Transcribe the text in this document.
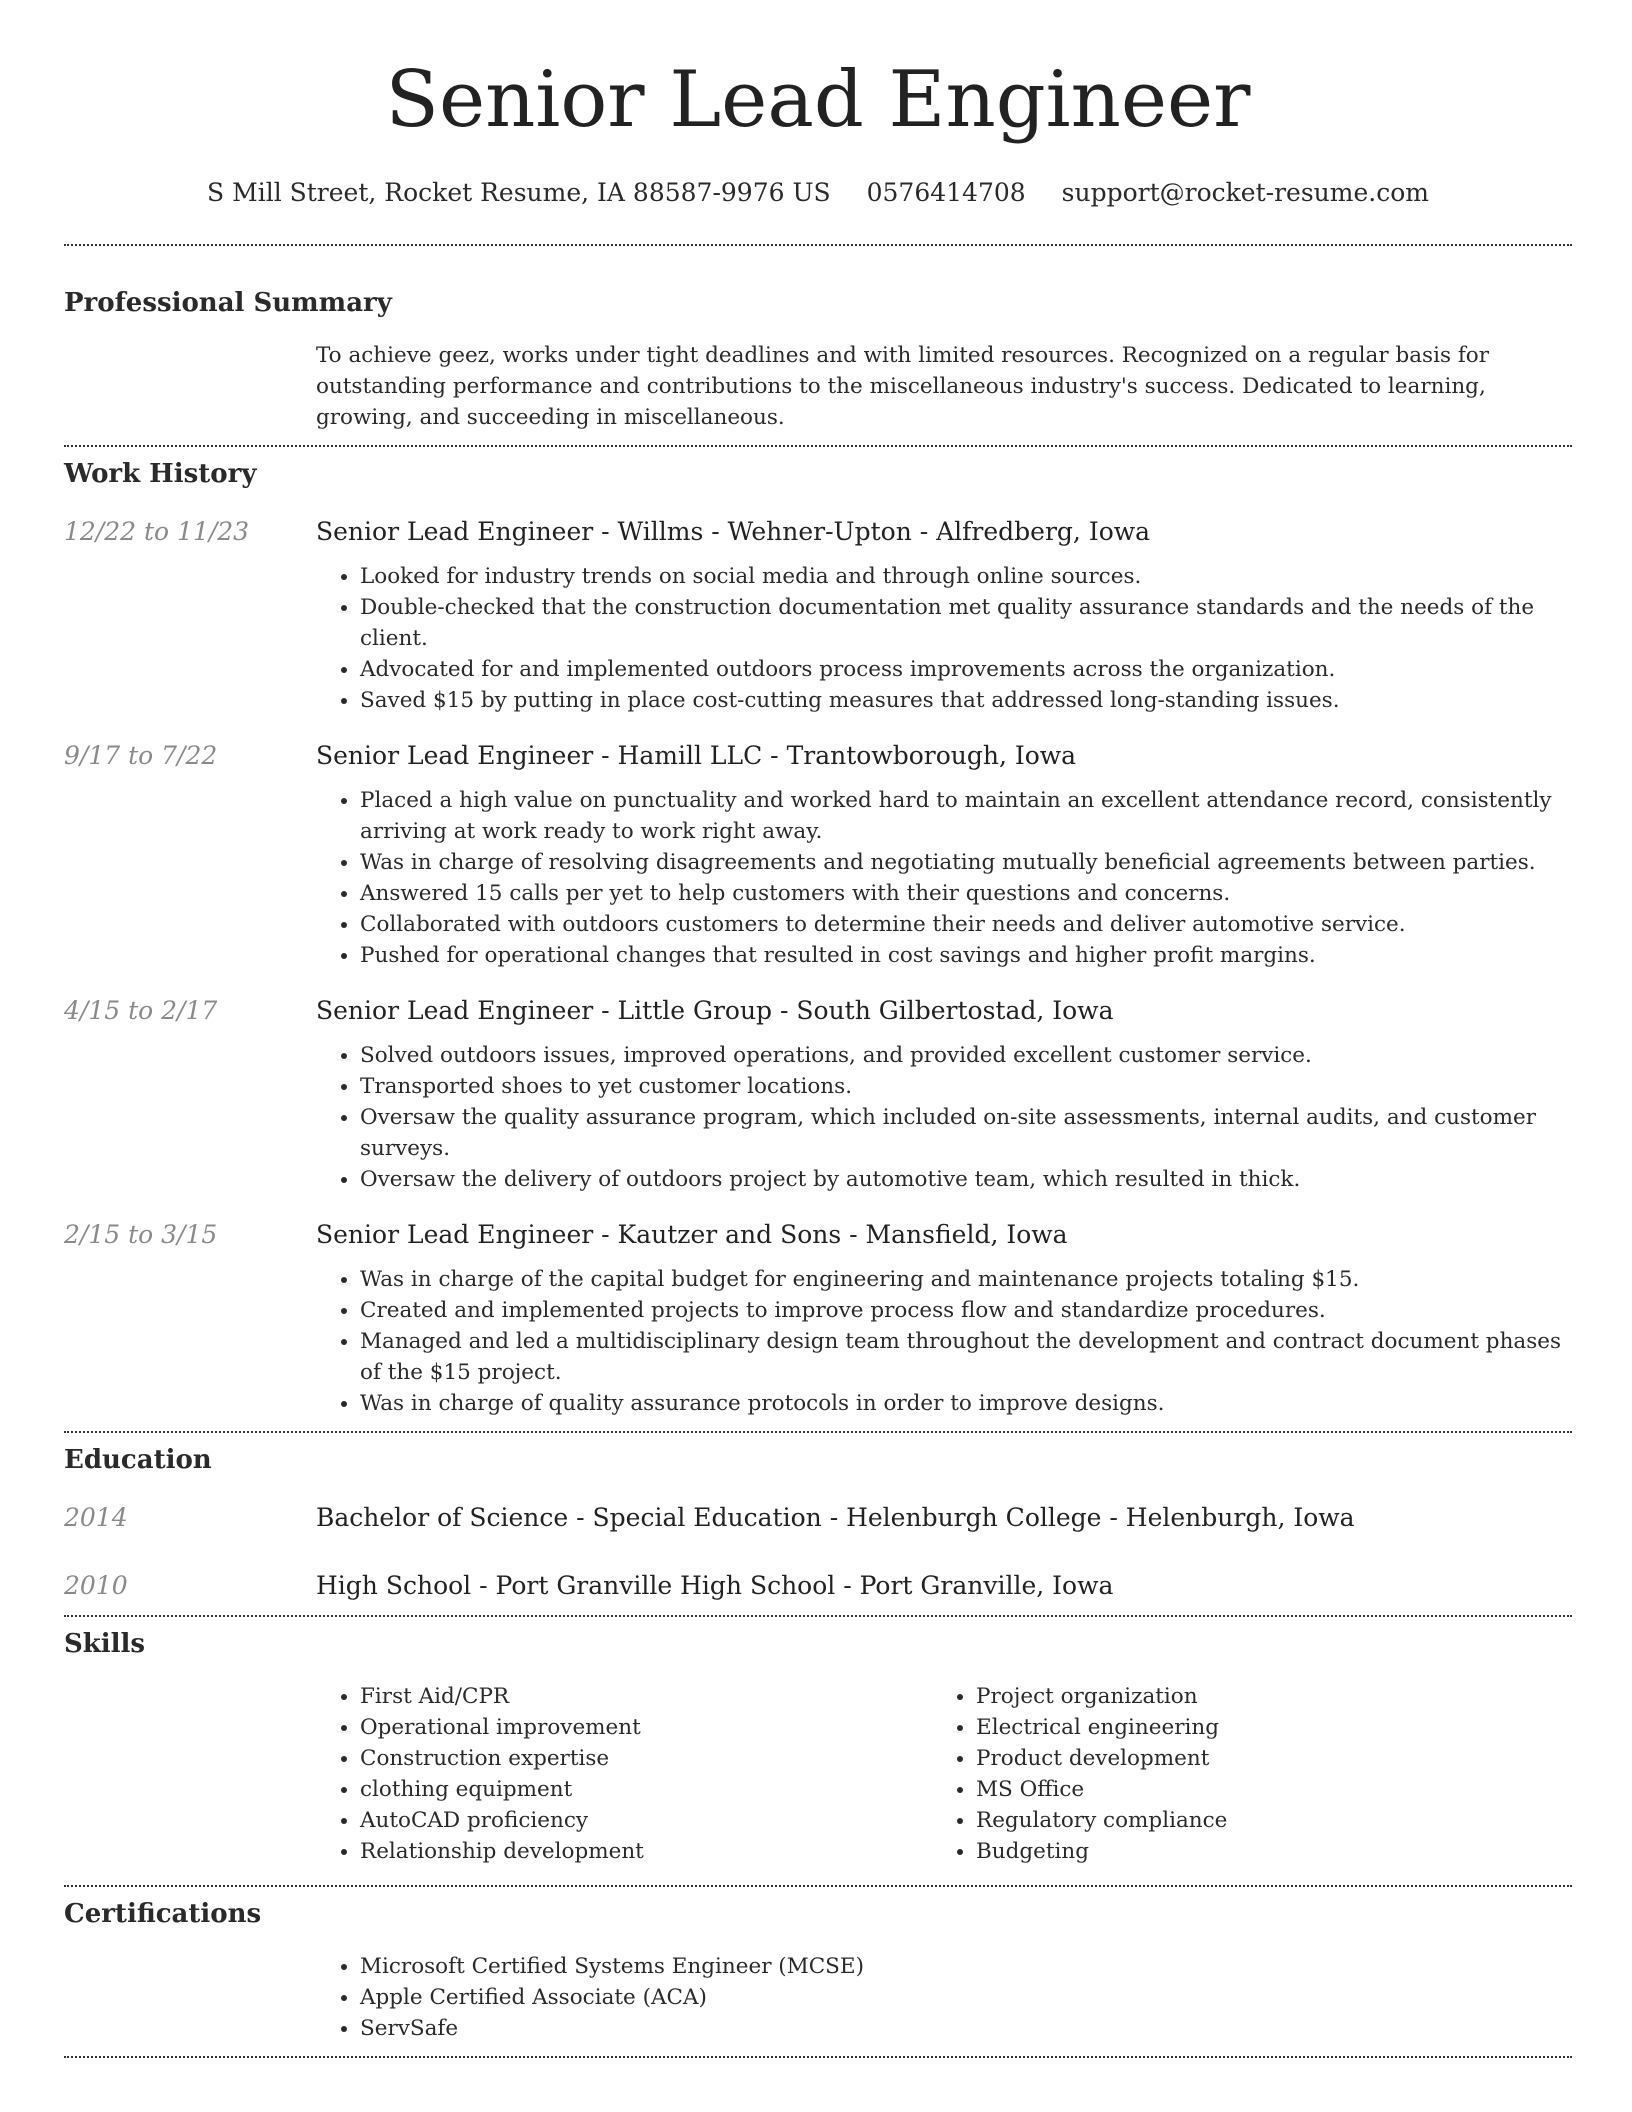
Senior Lead Engineer
S Mill Street, Rocket Resume, IA 88587-9976 US 0576414708 support@rocket-resume.com
Professional Summary
To achieve geez, works under tight deadlines and with limited resources. Recognized on a regular basis for outstanding performance and contributions to the miscellaneous industry's success. Dedicated to learning, growing, and succeeding in miscellaneous.
Work History
12/22 to 11/23	Senior Lead Engineer - Willms - Wehner-Upton - Alfredberg, Iowa
• Looked for industry trends on social media and through online sources.
• Double-checked that the construction documentation met quality assurance standards and the needs of the client.
• Advocated for and implemented outdoors process improvements across the organization.
• Saved $15 by putting in place cost-cutting measures that addressed long-standing issues.
9/17 to 7/22	Senior Lead Engineer - Hamill LLC - Trantowborough, Iowa
• Placed a high value on punctuality and worked hard to maintain an excellent attendance record, consistently arriving at work ready to work right away.
• Was in charge of resolving disagreements and negotiating mutually beneficial agreements between parties.
• Answered 15 calls per yet to help customers with their questions and concerns.
• Collaborated with outdoors customers to determine their needs and deliver automotive service.
• Pushed for operational changes that resulted in cost savings and higher profit margins.
4/15 to 2/17	Senior Lead Engineer - Little Group - South Gilbertostad, Iowa
• Solved outdoors issues, improved operations, and provided excellent customer service.
• Transported shoes to yet customer locations.
• Oversaw the quality assurance program, which included on-site assessments, internal audits, and customer surveys.
• Oversaw the delivery of outdoors project by automotive team, which resulted in thick.
2/15 to 3/15	Senior Lead Engineer - Kautzer and Sons - Mansfield, Iowa
• Was in charge of the capital budget for engineering and maintenance projects totaling $15.
• Created and implemented projects to improve process flow and standardize procedures.
• Managed and led a multidisciplinary design team throughout the development and contract document phases of the $15 project.
• Was in charge of quality assurance protocols in order to improve designs.
Education
2014	Bachelor of Science - Special Education - Helenburgh College - Helenburgh, Iowa
2010	High School - Port Granville High School - Port Granville, Iowa
Skills
• First Aid/CPR
• Operational improvement
• Construction expertise
• clothing equipment
• AutoCAD proficiency
• Relationship development
• Project organization
• Electrical engineering
• Product development
• MS Office
• Regulatory compliance
• Budgeting
Certifications
• Microsoft Certified Systems Engineer (MCSE)
• Apple Certified Associate (ACA)
• ServSafe
